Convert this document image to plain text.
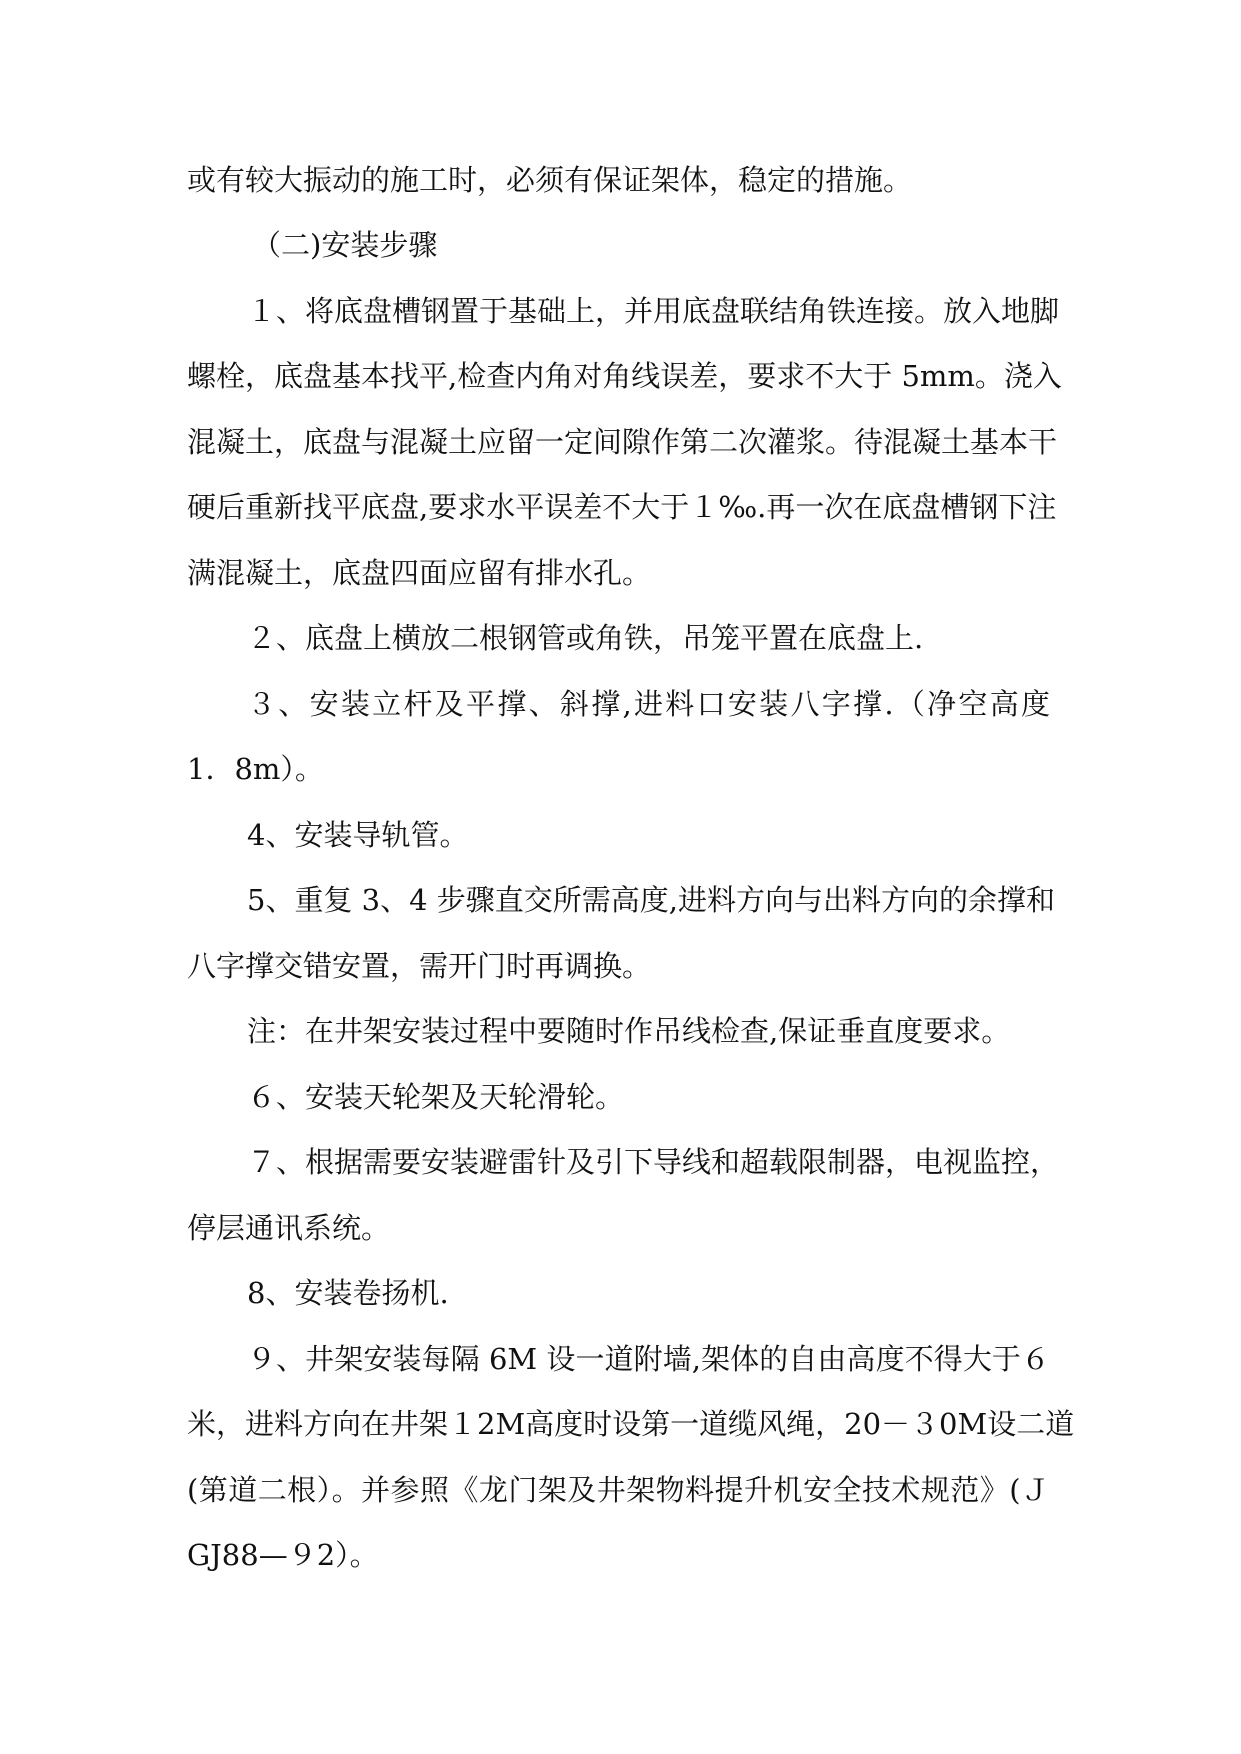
或有较大振动的施工时，必须有保证架体，稳定的措施。
（二)安装步骤
１、将底盘槽钢置于基础上，并用底盘联结角铁连接。放入地脚
螺栓，底盘基本找平,检查内角对角线误差，要求不大于 5mm。浇入
混凝土，底盘与混凝土应留一定间隙作第二次灌浆。待混凝土基本干
硬后重新找平底盘,要求水平误差不大于１‰.再一次在底盘槽钢下注
满混凝土，底盘四面应留有排水孔。
２、底盘上横放二根钢管或角铁，吊笼平置在底盘上.
３、安装立杆及平撑、斜撑,进料口安装八字撑.（净空高度
1．8m）。
4、安装导轨管。
5、重复 3、4 步骤直交所需高度,进料方向与出料方向的余撑和
八字撑交错安置，需开门时再调换。
注：在井架安装过程中要随时作吊线检查,保证垂直度要求。
６、安装天轮架及天轮滑轮。
７、根据需要安装避雷针及引下导线和超载限制器，电视监控，
停层通讯系统。
8、安装卷扬机.
９、井架安装每隔 6M 设一道附墙,架体的自由高度不得大于６
米，进料方向在井架１2M高度时设第一道缆风绳，20－３0M设二道
(第道二根）。并参照《龙门架及井架物料提升机安全技术规范》(Ｊ
GJ88—９2）。
